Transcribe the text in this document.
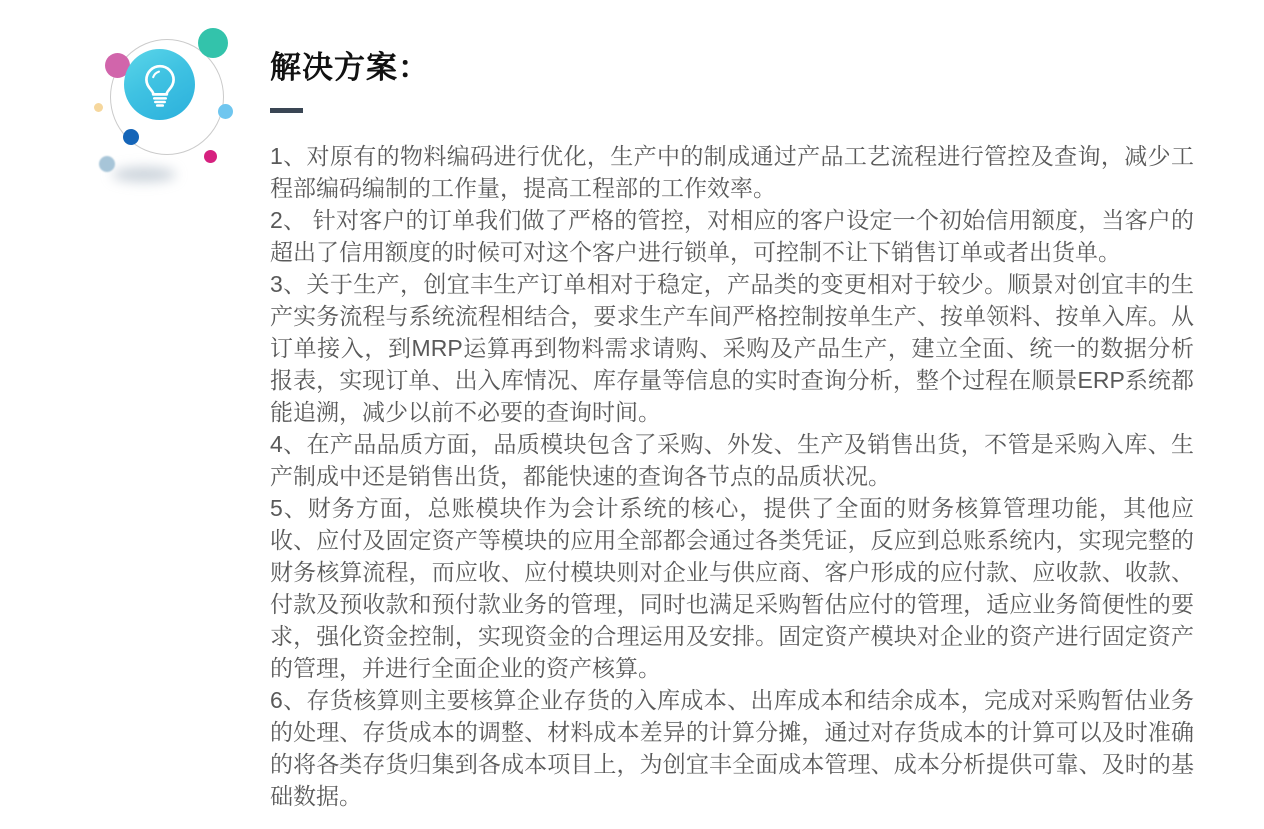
解决方案：

1、对原有的物料编码进行优化，生产中的制成通过产品工艺流程进行管控及查询，减少工程部编码编制的工作量，提高工程部的工作效率。

2、 针对客户的订单我们做了严格的管控，对相应的客户设定一个初始信用额度，当客户的超出了信用额度的时候可对这个客户进行锁单，可控制不让下销售订单或者出货单。

3、关于生产，创宜丰生产订单相对于稳定，产品类的变更相对于较少。顺景对创宜丰的生产实务流程与系统流程相结合，要求生产车间严格控制按单生产、按单领料、按单入库。从订单接入，到MRP运算再到物料需求请购、采购及产品生产，建立全面、统一的数据分析报表，实现订单、出入库情况、库存量等信息的实时查询分析，整个过程在顺景ERP系统都能追溯，减少以前不必要的查询时间。

4、在产品品质方面，品质模块包含了采购、外发、生产及销售出货，不管是采购入库、生产制成中还是销售出货，都能快速的查询各节点的品质状况。

5、财务方面，总账模块作为会计系统的核心，提供了全面的财务核算管理功能，其他应收、应付及固定资产等模块的应用全部都会通过各类凭证，反应到总账系统内，实现完整的财务核算流程，而应收、应付模块则对企业与供应商、客户形成的应付款、应收款、收款、付款及预收款和预付款业务的管理，同时也满足采购暂估应付的管理，适应业务简便性的要求，强化资金控制，实现资金的合理运用及安排。固定资产模块对企业的资产进行固定资产的管理，并进行全面企业的资产核算。

6、存货核算则主要核算企业存货的入库成本、出库成本和结余成本，完成对采购暂估业务的处理、存货成本的调整、材料成本差异的计算分摊，通过对存货成本的计算可以及时准确的将各类存货归集到各成本项目上，为创宜丰全面成本管理、成本分析提供可靠、及时的基础数据。
